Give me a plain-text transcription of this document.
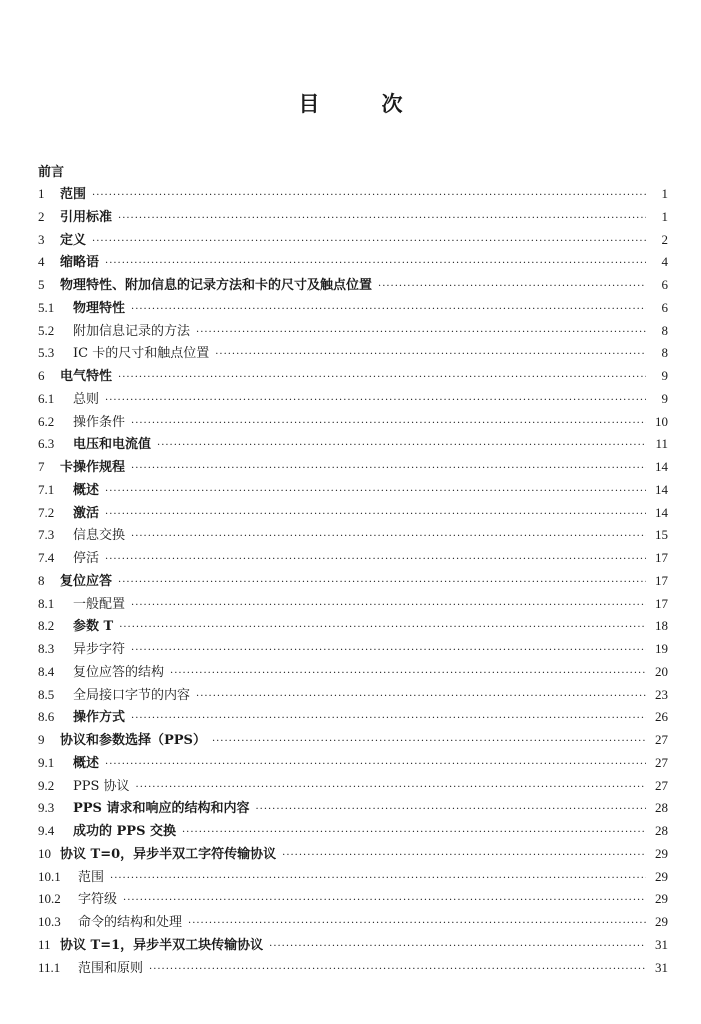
目	次
前言
1	范围 ·····	1
2	引用标准 ·····	1
3	定义 ·····	2
4	缩略语 ·····	4
5	物理特性、附加信息的记录方法和卡的尺寸及触点位置 ·····	6
5.1	物理特性 ·····	6
5.2	附加信息记录的方法 ·····	8
5.3	IC 卡的尺寸和触点位置 ·····	8
6	电气特性 ·····	9
6.1	总则 ·····	9
6.2	操作条件 ·····	10
6.3	电压和电流值 ·····	11
7	卡操作规程 ·····	14
7.1	概述 ·····	14
7.2	激活 ·····	14
7.3	信息交换 ·····	15
7.4	停活 ·····	17
8	复位应答 ·····	17
8.1	一般配置 ·····	17
8.2	参数 T ·····	18
8.3	异步字符 ·····	19
8.4	复位应答的结构 ·····	20
8.5	全局接口字节的内容 ·····	23
8.6	操作方式 ·····	26
9	协议和参数选择（PPS） ·····	27
9.1	概述 ·····	27
9.2	PPS 协议 ·····	27
9.3	PPS 请求和响应的结构和内容 ·····	28
9.4	成功的 PPS 交换 ·····	28
10 协议 T=0，异步半双工字符传输协议 ·····	29
10.1	范围 ·····	29
10.2	字符级 ·····	29
10.3	命令的结构和处理 ·····	29
11 协议 T=1，异步半双工块传输协议 ·····	31
11.1	范围和原则 ·····	31
